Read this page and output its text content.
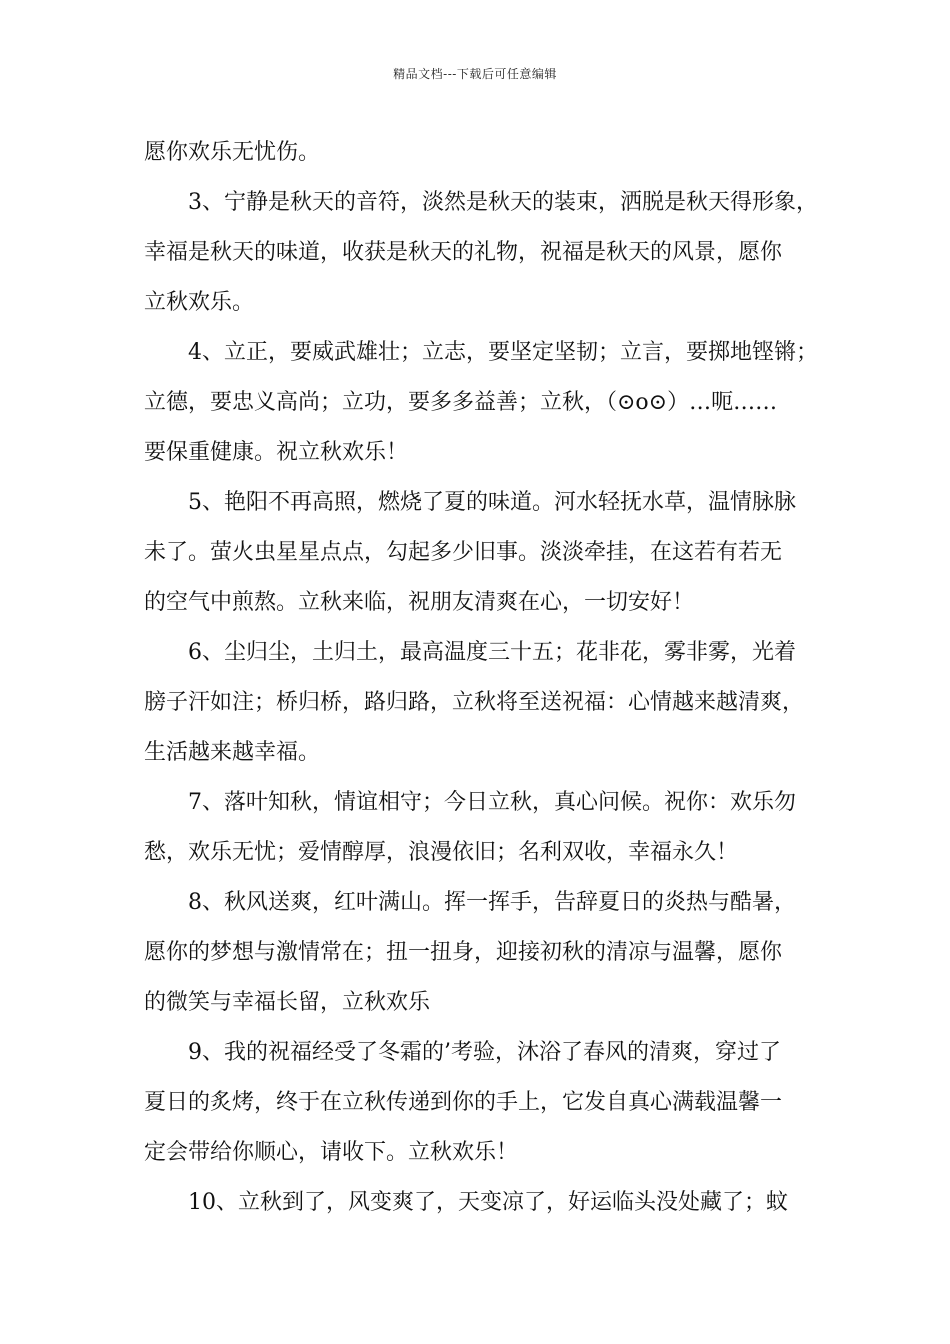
精品文档---下载后可任意编辑
愿你欢乐无忧伤。
3、宁静是秋天的音符，淡然是秋天的装束，洒脱是秋天得形象，
幸福是秋天的味道，收获是秋天的礼物，祝福是秋天的风景，愿你
立秋欢乐。
4、立正，要威武雄壮；立志，要坚定坚韧；立言，要掷地铿锵；
立德，要忠义高尚；立功，要多多益善；立秋，（⊙o⊙）…呃……
要保重健康。祝立秋欢乐！
5、艳阳不再高照，燃烧了夏的味道。河水轻抚水草，温情脉脉
未了。萤火虫星星点点，勾起多少旧事。淡淡牵挂，在这若有若无
的空气中煎熬。立秋来临，祝朋友清爽在心，一切安好！
6、尘归尘，土归土，最高温度三十五；花非花，雾非雾，光着
膀子汗如注；桥归桥，路归路，立秋将至送祝福：心情越来越清爽，
生活越来越幸福。
7、落叶知秋，情谊相守；今日立秋，真心问候。祝你：欢乐勿
愁，欢乐无忧；爱情醇厚，浪漫依旧；名利双收，幸福永久！
8、秋风送爽，红叶满山。挥一挥手，告辞夏日的炎热与酷暑，
愿你的梦想与激情常在；扭一扭身，迎接初秋的清凉与温馨，愿你
的微笑与幸福长留，立秋欢乐
9、我的祝福经受了冬霜的’考验，沐浴了春风的清爽，穿过了
夏日的炙烤，终于在立秋传递到你的手上，它发自真心满载温馨一
定会带给你顺心，请收下。立秋欢乐！
10、立秋到了，风变爽了，天变凉了，好运临头没处藏了；蚊
